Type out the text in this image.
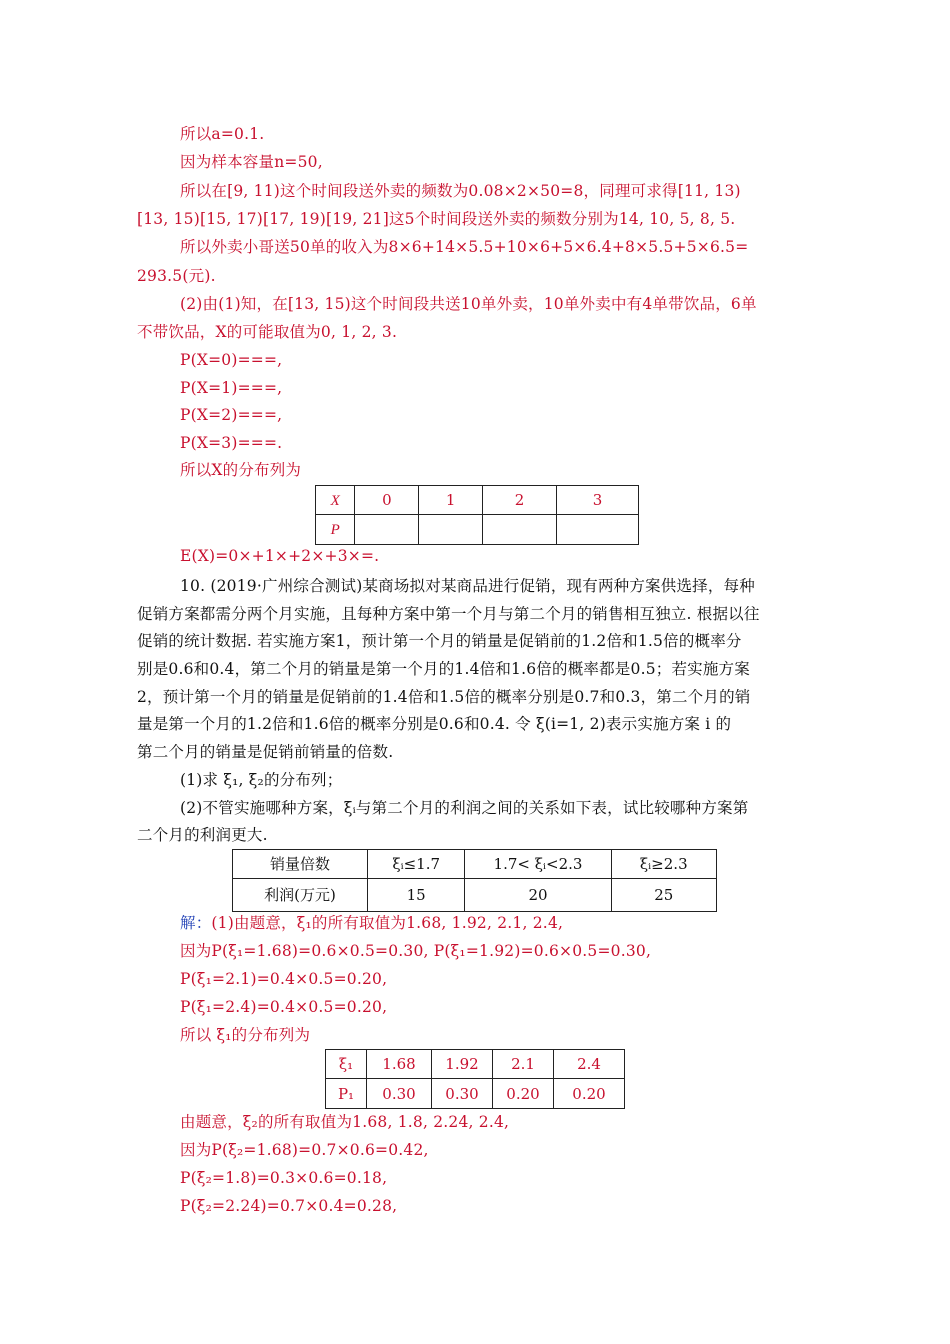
所以a=0.1.
因为样本容量n=50,
所以在[9, 11)这个时间段送外卖的频数为0.08×2×50=8，同理可求得[11, 13)
[13, 15)[15, 17)[17, 19)[19, 21]这5个时间段送外卖的频数分别为14, 10, 5, 8, 5.
所以外卖小哥送50单的收入为8×6+14×5.5+10×6+5×6.4+8×5.5+5×6.5=
293.5(元).
(2)由(1)知，在[13, 15)这个时间段共送10单外卖，10单外卖中有4单带饮品，6单
不带饮品，X的可能取值为0, 1, 2, 3.
P(X=0)===,
P(X=1)===,
P(X=2)===,
P(X=3)===.
所以X的分布列为
X	0	1	2	3
P				
E(X)=0×+1×+2×+3×=.
10. (2019·广州综合测试)某商场拟对某商品进行促销，现有两种方案供选择，每种
促销方案都需分两个月实施，且每种方案中第一个月与第二个月的销售相互独立. 根据以往
促销的统计数据. 若实施方案1，预计第一个月的销量是促销前的1.2倍和1.5倍的概率分
别是0.6和0.4，第二个月的销量是第一个月的1.4倍和1.6倍的概率都是0.5；若实施方案
2，预计第一个月的销量是促销前的1.4倍和1.5倍的概率分别是0.7和0.3，第二个月的销
量是第一个月的1.2倍和1.6倍的概率分别是0.6和0.4. 令 ξ(i=1, 2)表示实施方案 i 的
第二个月的销量是促销前销量的倍数.
(1)求 ξ₁, ξ₂的分布列；
(2)不管实施哪种方案，ξᵢ与第二个月的利润之间的关系如下表，试比较哪种方案第
二个月的利润更大.
销量倍数	ξᵢ≤1.7	1.7< ξᵢ<2.3	ξᵢ≥2.3
利润(万元)	15	20	25
解：(1)由题意，ξ₁的所有取值为1.68, 1.92, 2.1, 2.4,
因为P(ξ₁=1.68)=0.6×0.5=0.30, P(ξ₁=1.92)=0.6×0.5=0.30,
P(ξ₁=2.1)=0.4×0.5=0.20,
P(ξ₁=2.4)=0.4×0.5=0.20,
所以 ξ₁的分布列为
ξ₁	1.68	1.92	2.1	2.4
P₁	0.30	0.30	0.20	0.20
由题意，ξ₂的所有取值为1.68, 1.8, 2.24, 2.4,
因为P(ξ₂=1.68)=0.7×0.6=0.42,
P(ξ₂=1.8)=0.3×0.6=0.18,
P(ξ₂=2.24)=0.7×0.4=0.28,
